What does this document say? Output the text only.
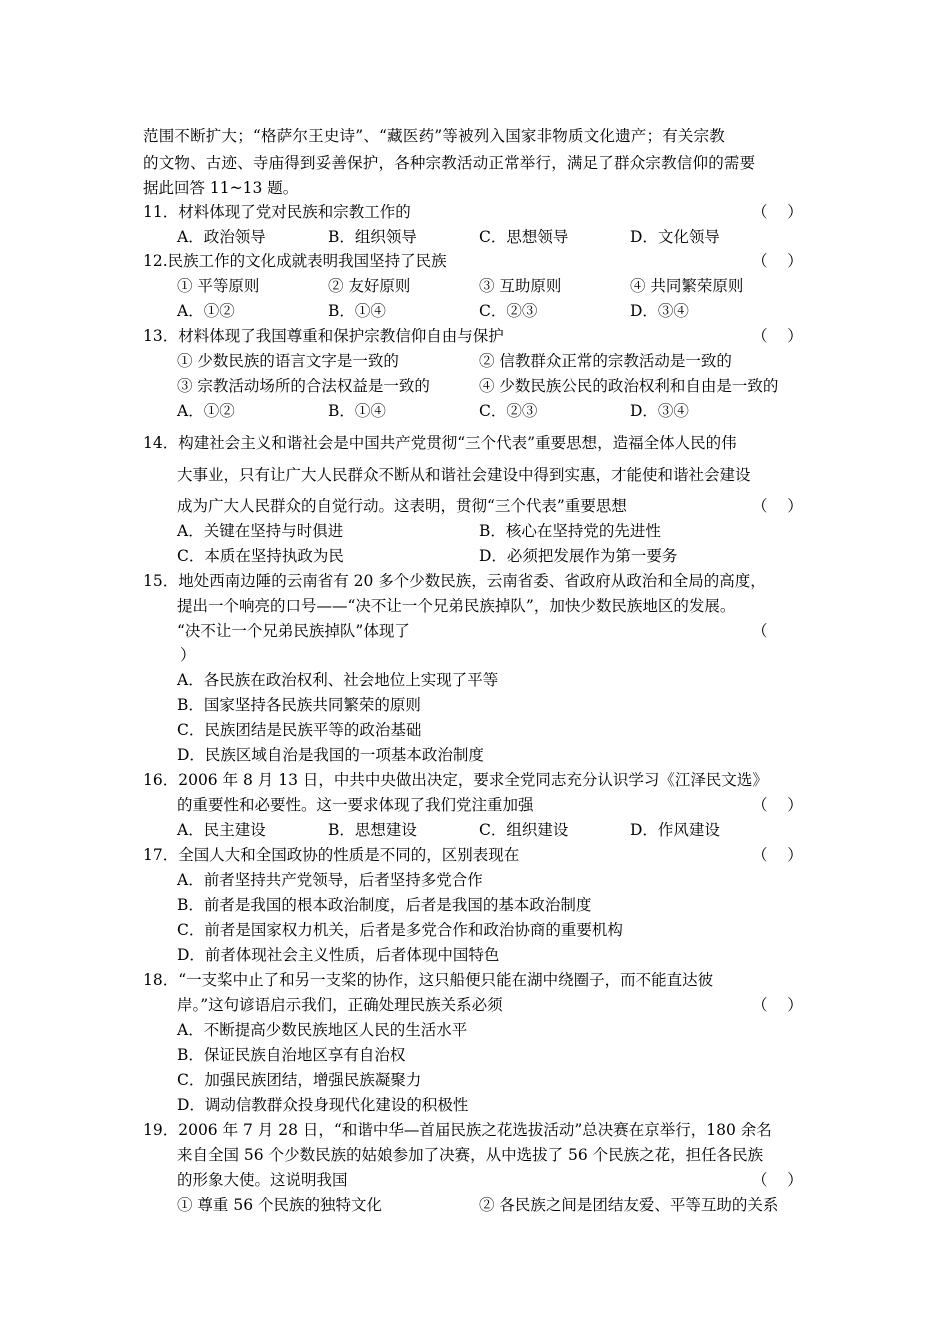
范围不断扩大；“格萨尔王史诗”、“藏医药”等被列入国家非物质文化遗产；有关宗教
的文物、古迹、寺庙得到妥善保护，各种宗教活动正常举行，满足了群众宗教信仰的需要
据此回答 11~13 题。
11．材料体现了党对民族和宗教工作的	（    ）
A．政治领导	B．组织领导	C．思想领导	D．文化领导
12.民族工作的文化成就表明我国坚持了民族	（    ）
① 平等原则	② 友好原则	③ 互助原则	④ 共同繁荣原则
A．①②	B．①④	C．②③	D．③④
13．材料体现了我国尊重和保护宗教信仰自由与保护	（    ）
① 少数民族的语言文字是一致的	② 信教群众正常的宗教活动是一致的
③ 宗教活动场所的合法权益是一致的	④ 少数民族公民的政治权利和自由是一致的
A．①②	B．①④	C．②③	D．③④
14．构建社会主义和谐社会是中国共产党贯彻“三个代表”重要思想，造福全体人民的伟
大事业，只有让广大人民群众不断从和谐社会建设中得到实惠，才能使和谐社会建设
成为广大人民群众的自觉行动。这表明，贯彻“三个代表”重要思想	（    ）
A．关键在坚持与时俱进	B．核心在坚持党的先进性
C．本质在坚持执政为民	D．必须把发展作为第一要务
15．地处西南边陲的云南省有 20 多个少数民族，云南省委、省政府从政治和全局的高度，
提出一个响亮的口号——“决不让一个兄弟民族掉队”，加快少数民族地区的发展。
“决不让一个兄弟民族掉队”体现了	（
）
A．各民族在政治权利、社会地位上实现了平等
B．国家坚持各民族共同繁荣的原则
C．民族团结是民族平等的政治基础
D．民族区域自治是我国的一项基本政治制度
16．2006 年 8 月 13 日，中共中央做出决定，要求全党同志充分认识学习《江泽民文选》
的重要性和必要性。这一要求体现了我们党注重加强	（    ）
A．民主建设	B．思想建设	C．组织建设	D．作风建设
17．全国人大和全国政协的性质是不同的，区别表现在	（    ）
A．前者坚持共产党领导，后者坚持多党合作
B．前者是我国的根本政治制度，后者是我国的基本政治制度
C．前者是国家权力机关，后者是多党合作和政治协商的重要机构
D．前者体现社会主义性质，后者体现中国特色
18．“一支桨中止了和另一支桨的协作，这只船便只能在湖中绕圈子，而不能直达彼
岸。”这句谚语启示我们，正确处理民族关系必须	（    ）
A．不断提高少数民族地区人民的生活水平
B．保证民族自治地区享有自治权
C．加强民族团结，增强民族凝聚力
D．调动信教群众投身现代化建设的积极性
19．2006 年 7 月 28 日，“和谐中华—首届民族之花选拔活动”总决赛在京举行，180 余名
来自全国 56 个少数民族的姑娘参加了决赛，从中选拔了 56 个民族之花，担任各民族
的形象大使。这说明我国	（    ）
① 尊重 56 个民族的独特文化	② 各民族之间是团结友爱、平等互助的关系
